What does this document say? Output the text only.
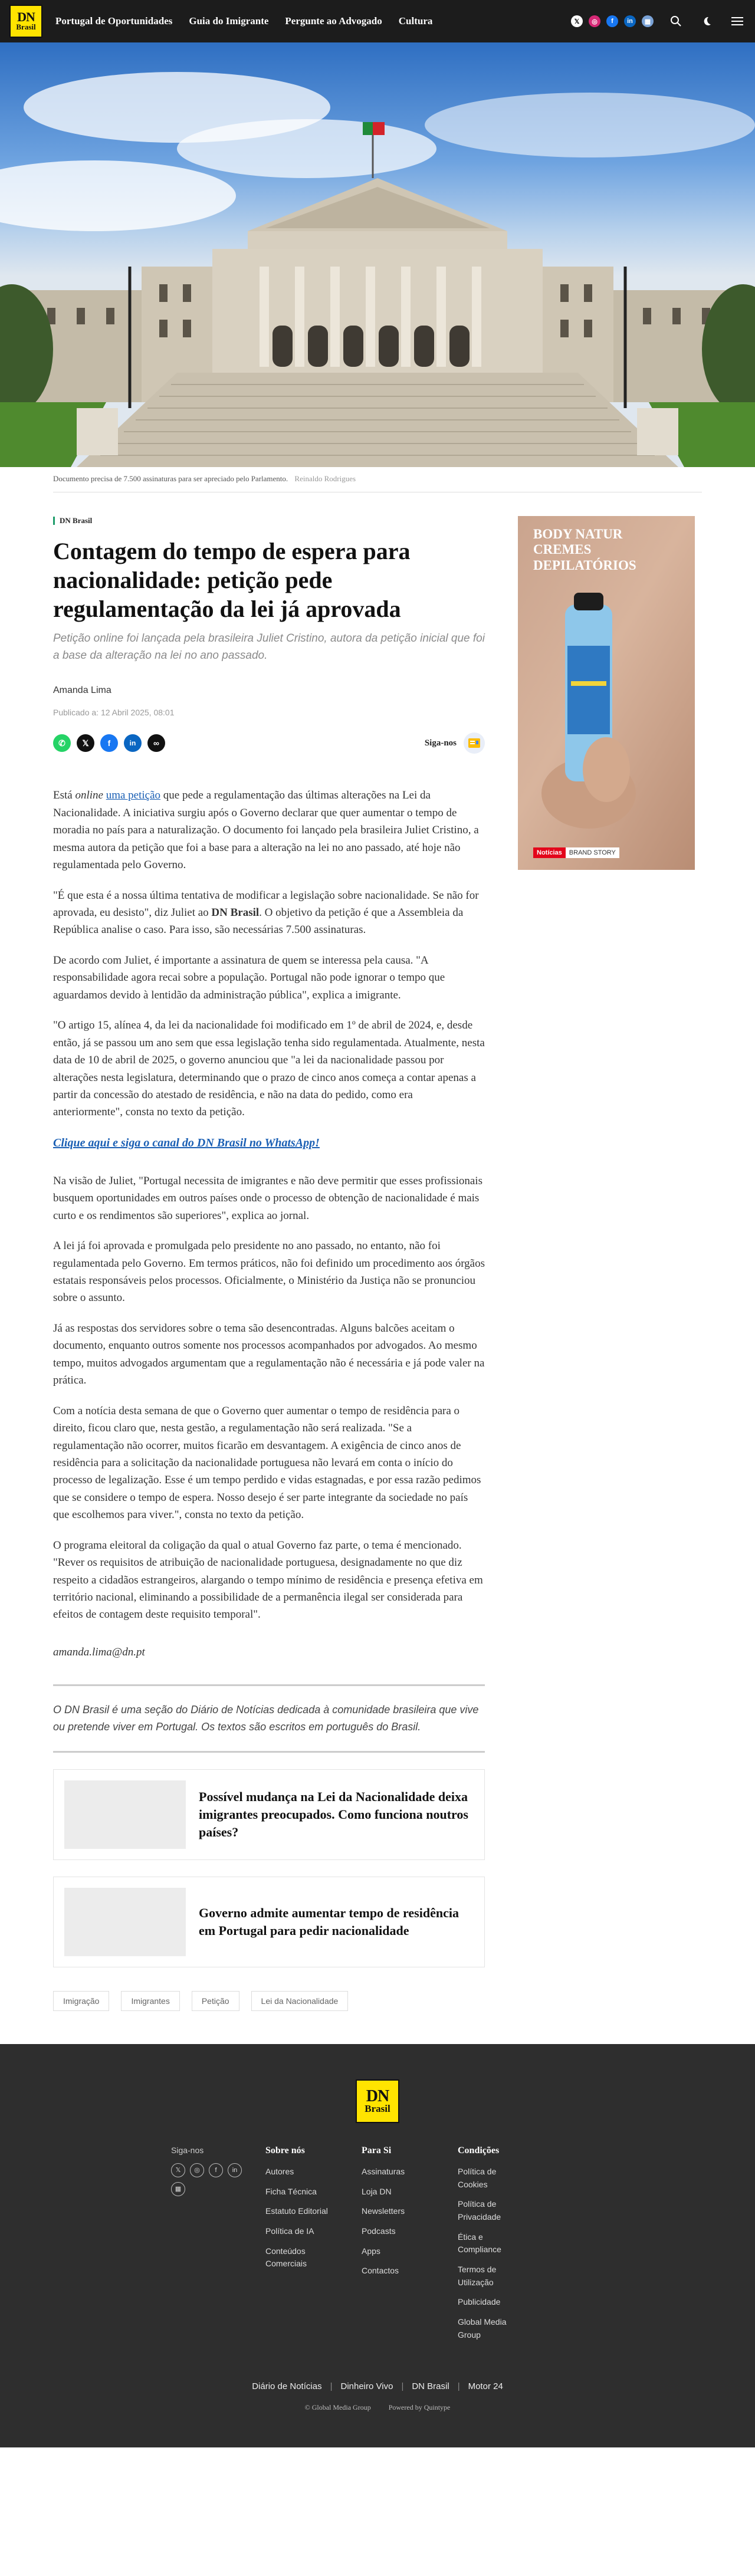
DN
Brasil
Portugal de Oportunidades Guia do Imigrante Pergunte ao Advogado Cultura	𝕏	◎	f	in	▦
Documento precisa de 7.500 assinaturas para ser apreciado pelo Parlamento. Reinaldo Rodrigues
DN Brasil
Contagem do tempo de espera para nacionalidade: petição pede regulamentação da lei já aprovada

Petição online foi lançada pela brasileira Juliet Cristino, autora da petição inicial que foi a base da alteração na lei no ano passado.

Amanda Lima
Publicado a: 12 Abril 2025, 08:01
✆	𝕏	f	in	∞	Siga-nos

Está online uma petição que pede a regulamentação das últimas alterações na Lei da Nacionalidade. A iniciativa surgiu após o Governo declarar que quer aumentar o tempo de moradia no país para a naturalização. O documento foi lançado pela brasileira Juliet Cristino, a mesma autora da petição que foi a base para a alteração na lei no ano passado, até hoje não regulamentada pelo Governo.

"É que esta é a nossa última tentativa de modificar a legislação sobre nacionalidade. Se não for aprovada, eu desisto", diz Juliet ao DN Brasil. O objetivo da petição é que a Assembleia da República analise o caso. Para isso, são necessárias 7.500 assinaturas.

De acordo com Juliet, é importante a assinatura de quem se interessa pela causa. "A responsabilidade agora recai sobre a população. Portugal não pode ignorar o tempo que aguardamos devido à lentidão da administração pública", explica a imigrante.

"O artigo 15, alínea 4, da lei da nacionalidade foi modificado em 1º de abril de 2024, e, desde então, já se passou um ano sem que essa legislação tenha sido regulamentada. Atualmente, nesta data de 10 de abril de 2025, o governo anunciou que "a lei da nacionalidade passou por alterações nesta legislatura, determinando que o prazo de cinco anos começa a contar apenas a partir da concessão do atestado de residência, e não na data do pedido, como era anteriormente", consta no texto da petição.

Clique aqui e siga o canal do DN Brasil no WhatsApp!

Na visão de Juliet, "Portugal necessita de imigrantes e não deve permitir que esses profissionais busquem oportunidades em outros países onde o processo de obtenção de nacionalidade é mais curto e os rendimentos são superiores", explica ao jornal.

A lei já foi aprovada e promulgada pelo presidente no ano passado, no entanto, não foi regulamentada pelo Governo. Em termos práticos, não foi definido um procedimento aos órgãos estatais responsáveis pelos processos. Oficialmente, o Ministério da Justiça não se pronunciou sobre o assunto.

Já as respostas dos servidores sobre o tema são desencontradas. Alguns balcões aceitam o documento, enquanto outros somente nos processos acompanhados por advogados. Ao mesmo tempo, muitos advogados argumentam que a regulamentação não é necessária e já pode valer na prática.

Com a notícia desta semana de que o Governo quer aumentar o tempo de residência para o direito, ficou claro que, nesta gestão, a regulamentação não será realizada. "Se a regulamentação não ocorrer, muitos ficarão em desvantagem. A exigência de cinco anos de residência para a solicitação da nacionalidade portuguesa não levará em conta o início do processo de legalização. Esse é um tempo perdido e vidas estagnadas, e por essa razão pedimos que se considere o tempo de espera. Nosso desejo é ser parte integrante da sociedade no país que escolhemos para viver.", consta no texto da petição.

O programa eleitoral da coligação da qual o atual Governo faz parte, o tema é mencionado. "Rever os requisitos de atribuição de nacionalidade portuguesa, designadamente no que diz respeito a cidadãos estrangeiros, alargando o tempo mínimo de residência e presença efetiva em território nacional, eliminando a possibilidade de a permanência ilegal ser considerada para efeitos de contagem deste requisito temporal".

amanda.lima@dn.pt

O DN Brasil é uma seção do Diário de Notícias dedicada à comunidade brasileira que vive ou pretende viver em Portugal. Os textos são escritos em português do Brasil.
Possível mudança na Lei da Nacionalidade deixa imigrantes preocupados. Como funciona noutros países?
Governo admite aumentar tempo de residência em Portugal para pedir nacionalidade
Imigração	Imigrantes	Petição	Lei da Nacionalidade
BODY NATUR
CREMES
DEPILATÓRIOS
Notícias	BRAND STORY
DN
Brasil
Siga-nos
𝕏	◎	f	in
▦
Sobre nós
Autores
Ficha Técnica
Estatuto Editorial
Política de IA
Conteúdos Comerciais
Para Si
Assinaturas
Loja DN
Newsletters
Podcasts
Apps
Contactos
Condições
Política de Cookies
Política de Privacidade
Ética e Compliance
Termos de Utilização
Publicidade
Global Media Group
Diário de Notícias | Dinheiro Vivo | DN Brasil | Motor 24
© Global Media Group	Powered by Quintype
